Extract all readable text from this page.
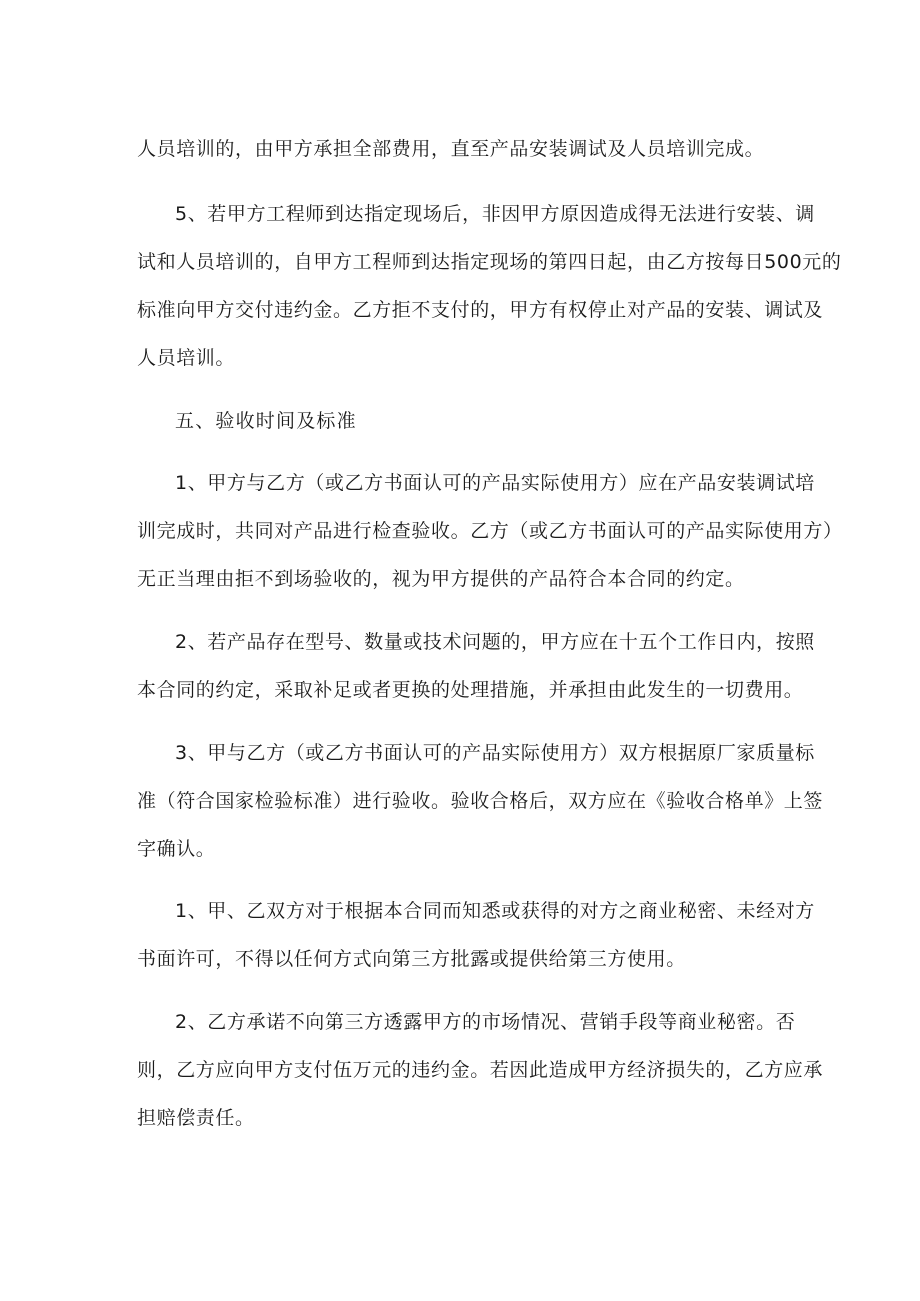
人员培训的，由甲方承担全部费用，直至产品安装调试及人员培训完成。
5、若甲方工程师到达指定现场后，非因甲方原因造成得无法进行安装、调
试和人员培训的，自甲方工程师到达指定现场的第四日起，由乙方按每日500元的
标准向甲方交付违约金。乙方拒不支付的，甲方有权停止对产品的安装、调试及
人员培训。
五、验收时间及标准
1、甲方与乙方（或乙方书面认可的产品实际使用方）应在产品安装调试培
训完成时，共同对产品进行检查验收。乙方（或乙方书面认可的产品实际使用方）
无正当理由拒不到场验收的，视为甲方提供的产品符合本合同的约定。
2、若产品存在型号、数量或技术问题的，甲方应在十五个工作日内，按照
本合同的约定，采取补足或者更换的处理措施，并承担由此发生的一切费用。
3、甲与乙方（或乙方书面认可的产品实际使用方）双方根据原厂家质量标
准（符合国家检验标准）进行验收。验收合格后，双方应在《验收合格单》上签
字确认。
1、甲、乙双方对于根据本合同而知悉或获得的对方之商业秘密、未经对方
书面许可，不得以任何方式向第三方批露或提供给第三方使用。
2、乙方承诺不向第三方透露甲方的市场情况、营销手段等商业秘密。否
则，乙方应向甲方支付伍万元的违约金。若因此造成甲方经济损失的，乙方应承
担赔偿责任。
